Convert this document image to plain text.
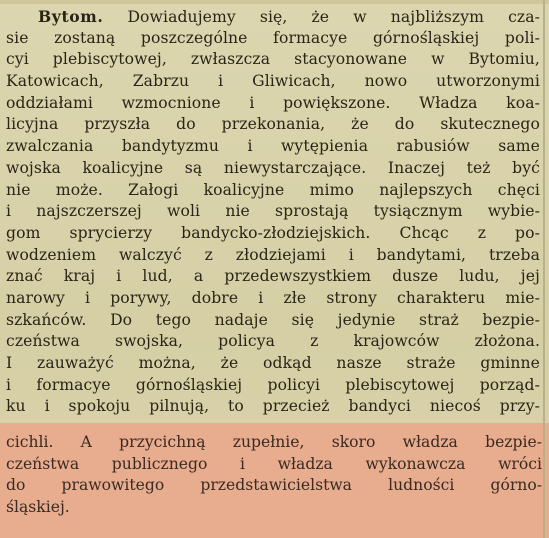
Bytom. Dowiadujemy się, że w najbliższym cza-
sie zostaną poszczególne formacye górnośląskiej poli-
cyi plebiscytowej, zwłaszcza stacyonowane w Bytomiu,
Katowicach, Zabrzu i Gliwicach, nowo utworzonymi
oddziałami wzmocnione i powiększone. Władza koa-
licyjna przyszła do przekonania, że do skutecznego
zwalczania bandytyzmu i wytępienia rabusiów same
wojska koalicyjne są niewystarczające. Inaczej też być
nie może. Załogi koalicyjne mimo najlepszych chęci
i najszczerszej woli nie sprostają tysiącznym wybie-
gom sprycierzy bandycko-złodziejskich. Chcąc z po-
wodzeniem walczyć z złodziejami i bandytami, trzeba
znać kraj i lud, a przedewszystkiem dusze ludu, jej
narowy i porywy, dobre i złe strony charakteru mie-
szkańców. Do tego nadaje się jedynie straż bezpie-
czeństwa swojska, policya z krajowców złożona.
I zauważyć można, że odkąd nasze straże gminne
i formacye górnośląskiej policyi plebiscytowej porząd-
ku i spokoju pilnują, to przecież bandyci niecoś przy-
cichli. A przycichną zupełnie, skoro władza bezpie-
czeństwa publicznego i władza wykonawcza wróci
do prawowitego przedstawicielstwa ludności górno-
śląskiej.
